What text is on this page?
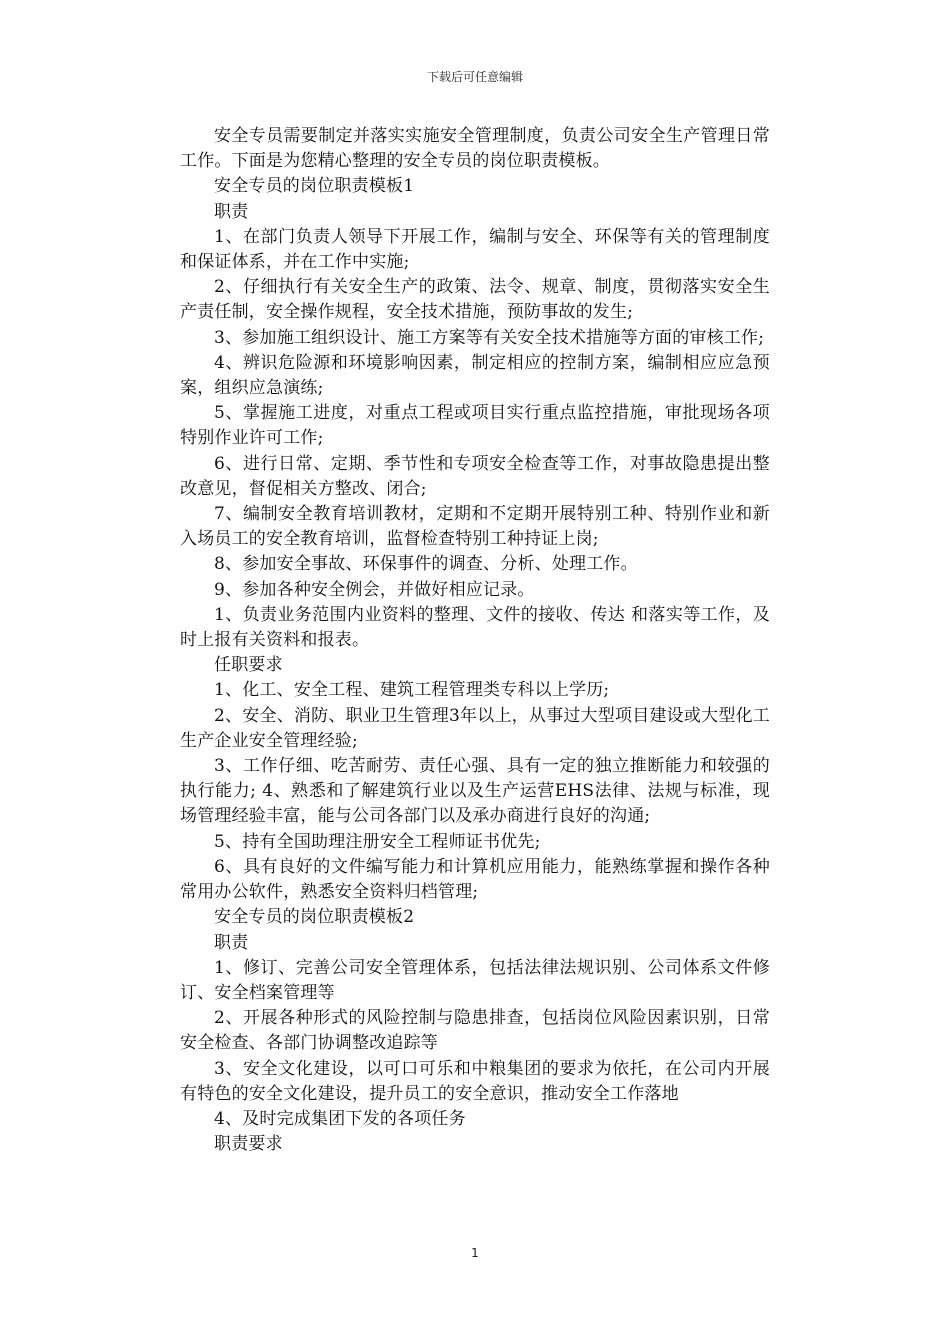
下载后可任意编辑

安全专员需要制定并落实实施安全管理制度，负责公司安全生产管理日常工作。下面是为您精心整理的安全专员的岗位职责模板。

安全专员的岗位职责模板1

职责

1、在部门负责人领导下开展工作，编制与安全、环保等有关的管理制度和保证体系，并在工作中实施;

2、仔细执行有关安全生产的政策、法令、规章、制度，贯彻落实安全生产责任制，安全操作规程，安全技术措施，预防事故的发生;

3、参加施工组织设计、施工方案等有关安全技术措施等方面的审核工作;

4、辨识危险源和环境影响因素，制定相应的控制方案，编制相应应急预案，组织应急演练;

5、掌握施工进度，对重点工程或项目实行重点监控措施，审批现场各项特别作业许可工作;

6、进行日常、定期、季节性和专项安全检查等工作，对事故隐患提出整改意见，督促相关方整改、闭合;

7、编制安全教育培训教材，定期和不定期开展特别工种、特别作业和新入场员工的安全教育培训，监督检查特别工种持证上岗;

8、参加安全事故、环保事件的调查、分析、处理工作。

9、参加各种安全例会，并做好相应记录。

1、负责业务范围内业资料的整理、文件的接收、传达 和落实等工作，及时上报有关资料和报表。

任职要求

1、化工、安全工程、建筑工程管理类专科以上学历;

2、安全、消防、职业卫生管理3年以上，从事过大型项目建设或大型化工生产企业安全管理经验;

3、工作仔细、吃苦耐劳、责任心强、具有一定的独立推断能力和较强的执行能力; 4、熟悉和了解建筑行业以及生产运营EHS法律、法规与标准，现场管理经验丰富，能与公司各部门以及承办商进行良好的沟通;

5、持有全国助理注册安全工程师证书优先;

6、具有良好的文件编写能力和计算机应用能力，能熟练掌握和操作各种常用办公软件，熟悉安全资料归档管理;

安全专员的岗位职责模板2

职责

1、修订、完善公司安全管理体系，包括法律法规识别、公司体系文件修订、安全档案管理等

2、开展各种形式的风险控制与隐患排查，包括岗位风险因素识别，日常安全检查、各部门协调整改追踪等

3、安全文化建设，以可口可乐和中粮集团的要求为依托，在公司内开展有特色的安全文化建设，提升员工的安全意识，推动安全工作落地

4、及时完成集团下发的各项任务

职责要求

1
